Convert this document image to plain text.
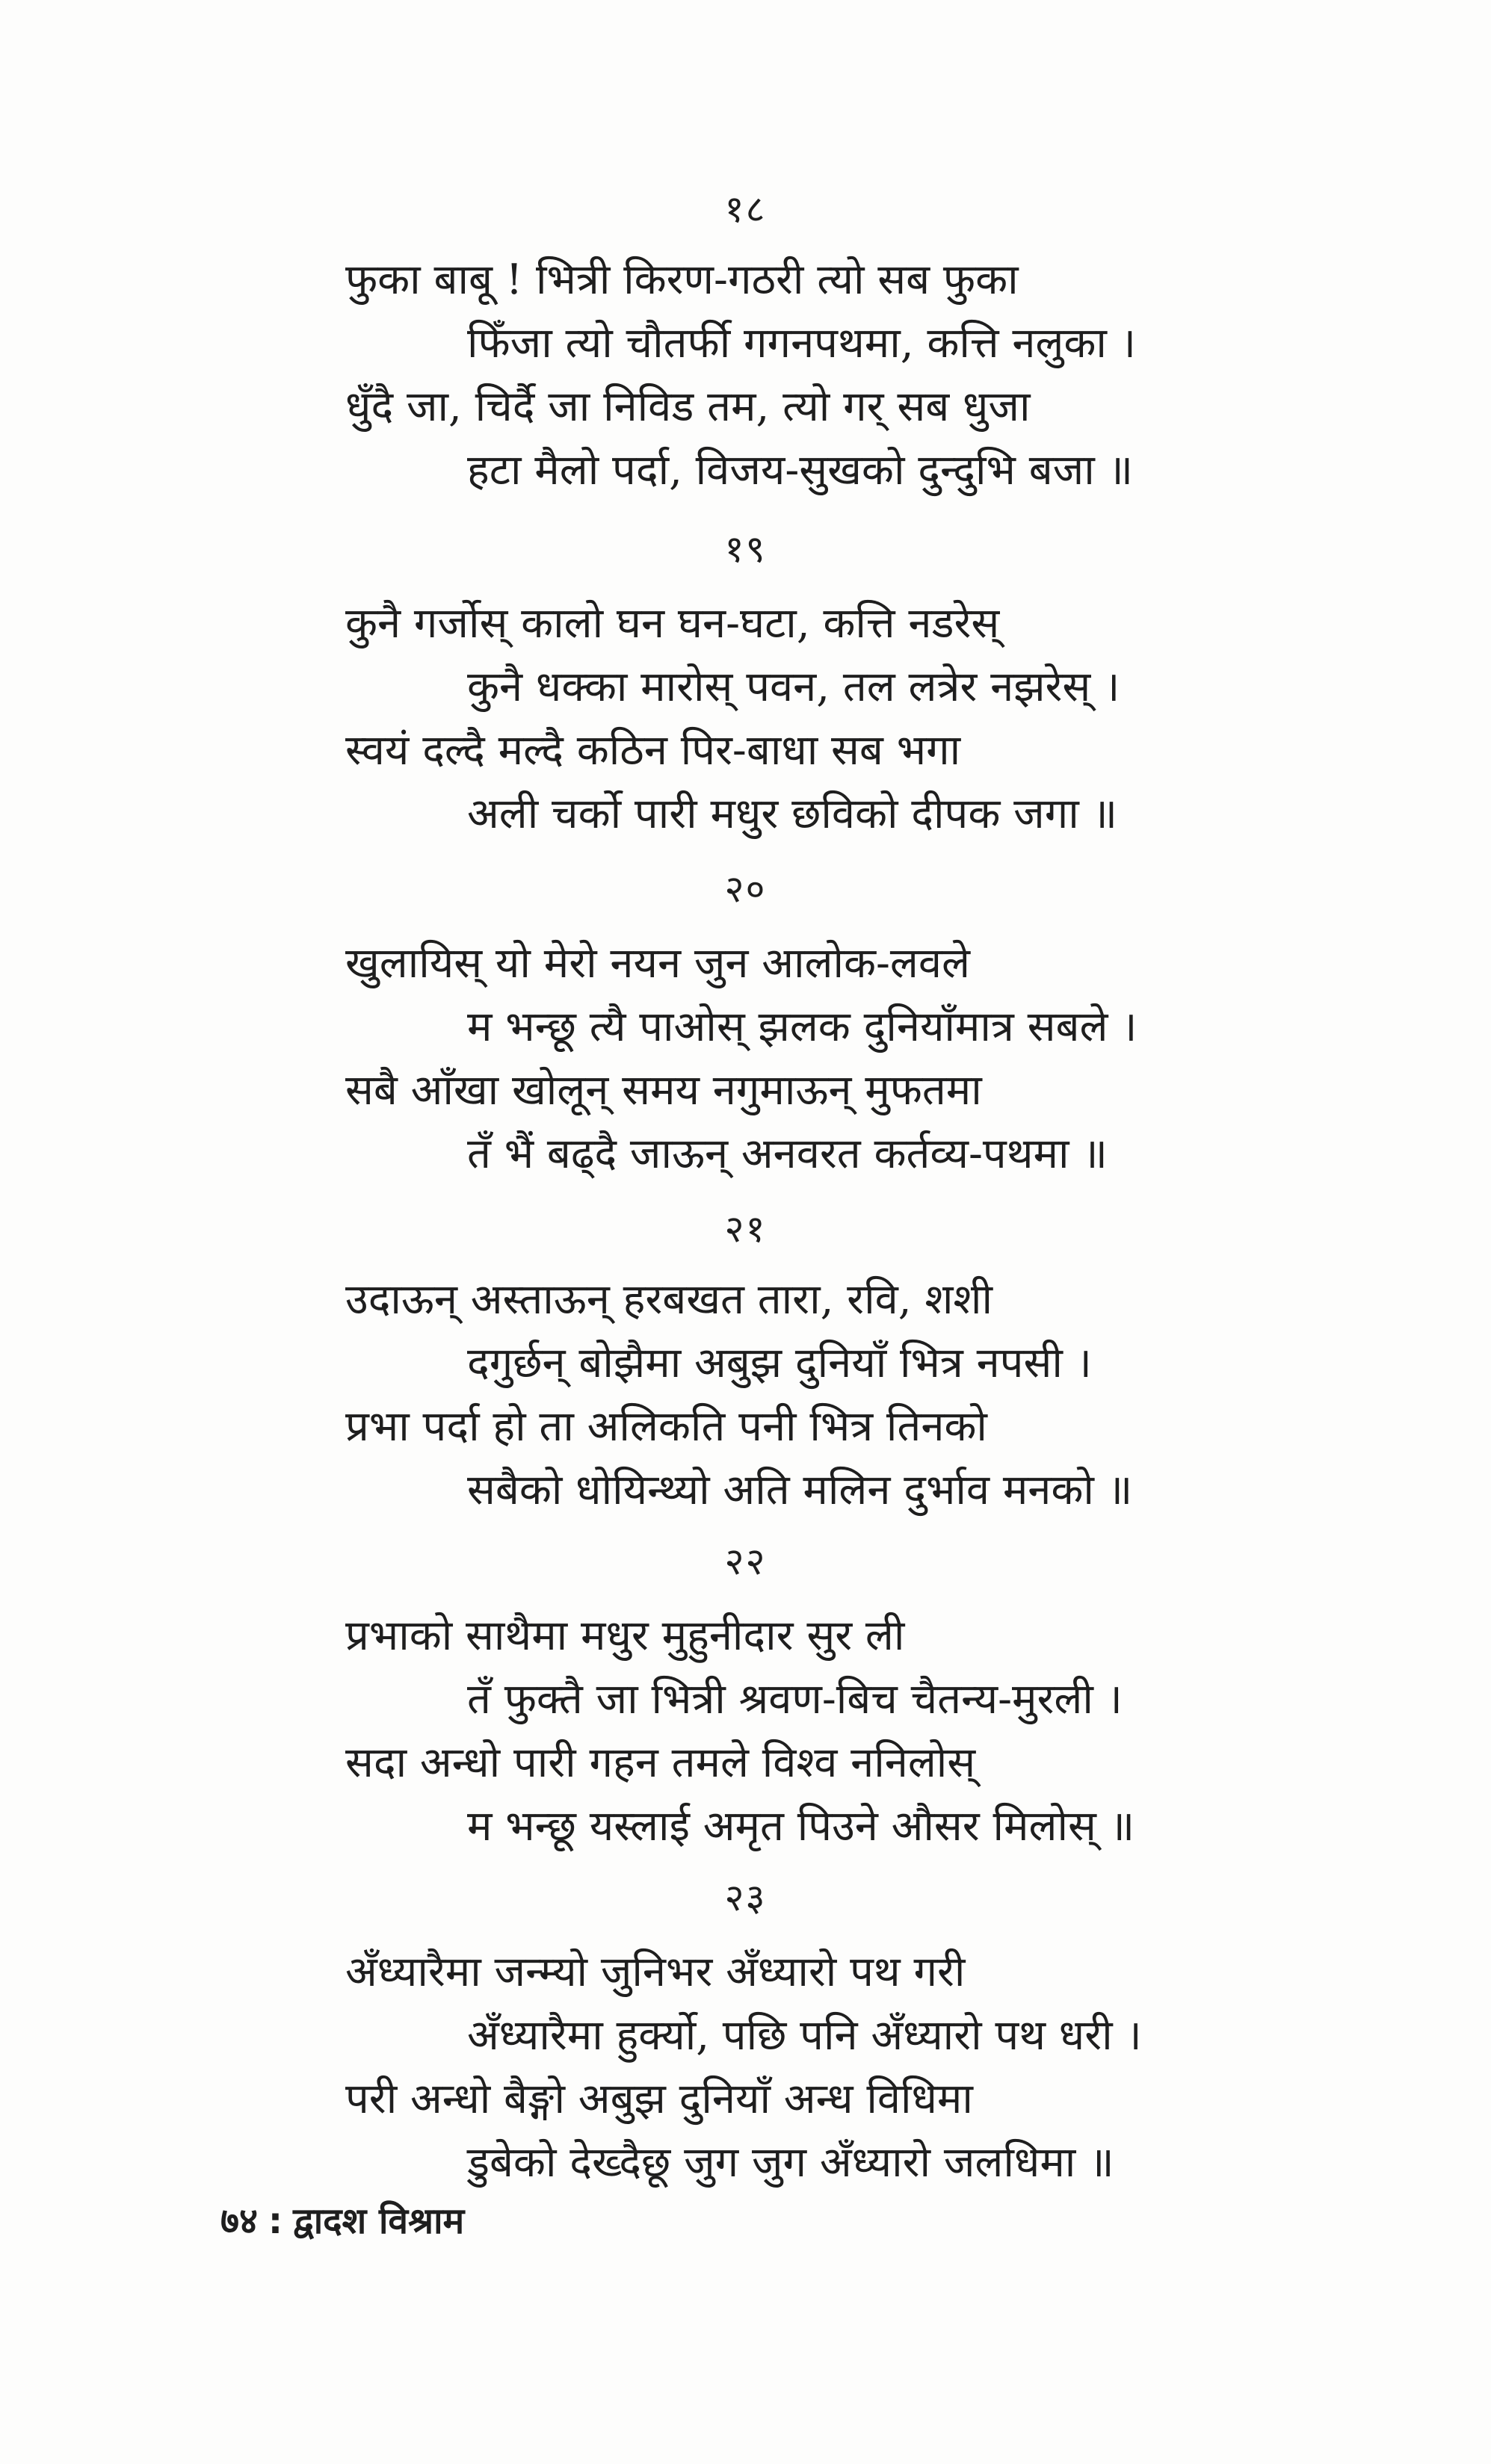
१८
फुका बाबू ! भित्री किरण-गठरी त्यो सब फुका
फिँजा त्यो चौतर्फी गगनपथमा, कत्ति नलुका ।
धुँदै जा, चिर्दै जा निविड तम, त्यो गर् सब धुजा
हटा मैलो पर्दा, विजय-सुखको दुन्दुभि बजा ॥
१९
कुनै गर्जोस् कालो घन घन-घटा, कत्ति नडरेस्
कुनै धक्का मारोस् पवन, तल लत्रेर नझरेस् ।
स्वयं दल्दै मल्दै कठिन पिर-बाधा सब भगा
अली चर्को पारी मधुर छविको दीपक जगा ॥
२०
खुलायिस् यो मेरो नयन जुन आलोक-लवले
म भन्छू त्यै पाओस् झलक दुनियाँमात्र सबले ।
सबै आँखा खोलून् समय नगुमाऊन् मुफतमा
तँ भैं बढ्दै जाऊन् अनवरत कर्तव्य-पथमा ॥
२१
उदाऊन् अस्ताऊन् हरबखत तारा, रवि, शशी
दगुर्छन् बोझैमा अबुझ दुनियाँ भित्र नपसी ।
प्रभा पर्दा हो ता अलिकति पनी भित्र तिनको
सबैको धोयिन्थ्यो अति मलिन दुर्भाव मनको ॥
२२
प्रभाको साथैमा मधुर मुहुनीदार सुर ली
तँ फुक्तै जा भित्री श्रवण-बिच चैतन्य-मुरली ।
सदा अन्धो पारी गहन तमले विश्व ननिलोस्
म भन्छू यस्लाई अमृत पिउने औसर मिलोस् ॥
२३
अँध्यारैमा जन्म्यो जुनिभर अँध्यारो पथ गरी
अँध्यारैमा हुर्क्यो, पछि पनि अँध्यारो पथ धरी ।
परी अन्धो बैङ्गो अबुझ दुनियाँ अन्ध विधिमा
डुबेको देख्दैछू जुग जुग अँध्यारो जलधिमा ॥
७४ : द्वादश विश्राम
